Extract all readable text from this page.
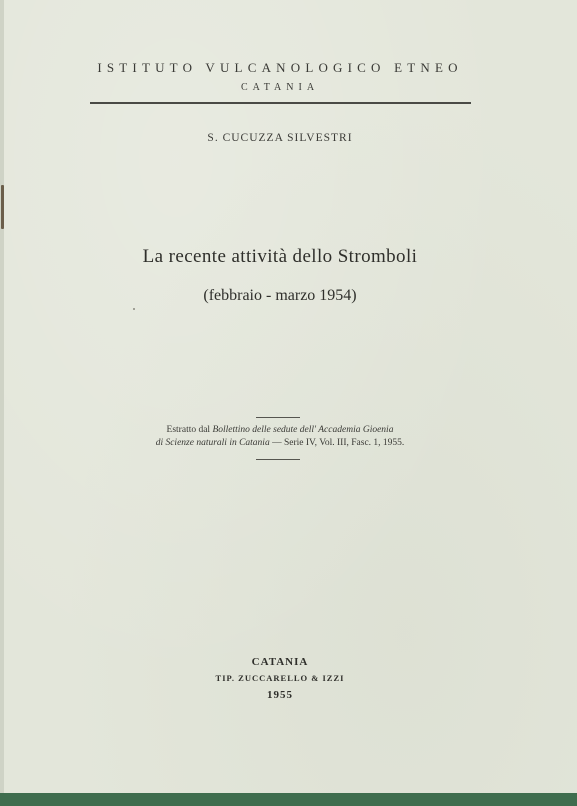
ISTITUTO VULCANOLOGICO ETNEO
CATANIA
S. CUCUZZA SILVESTRI
La recente attività dello Stromboli
(febbraio - marzo 1954)
Estratto dal Bollettino delle sedute dell' Accademia Gioenia
di Scienze naturali in Catania — Serie IV, Vol. III, Fasc. 1, 1955.
CATANIA
TIP. ZUCCARELLO & IZZI
1955
